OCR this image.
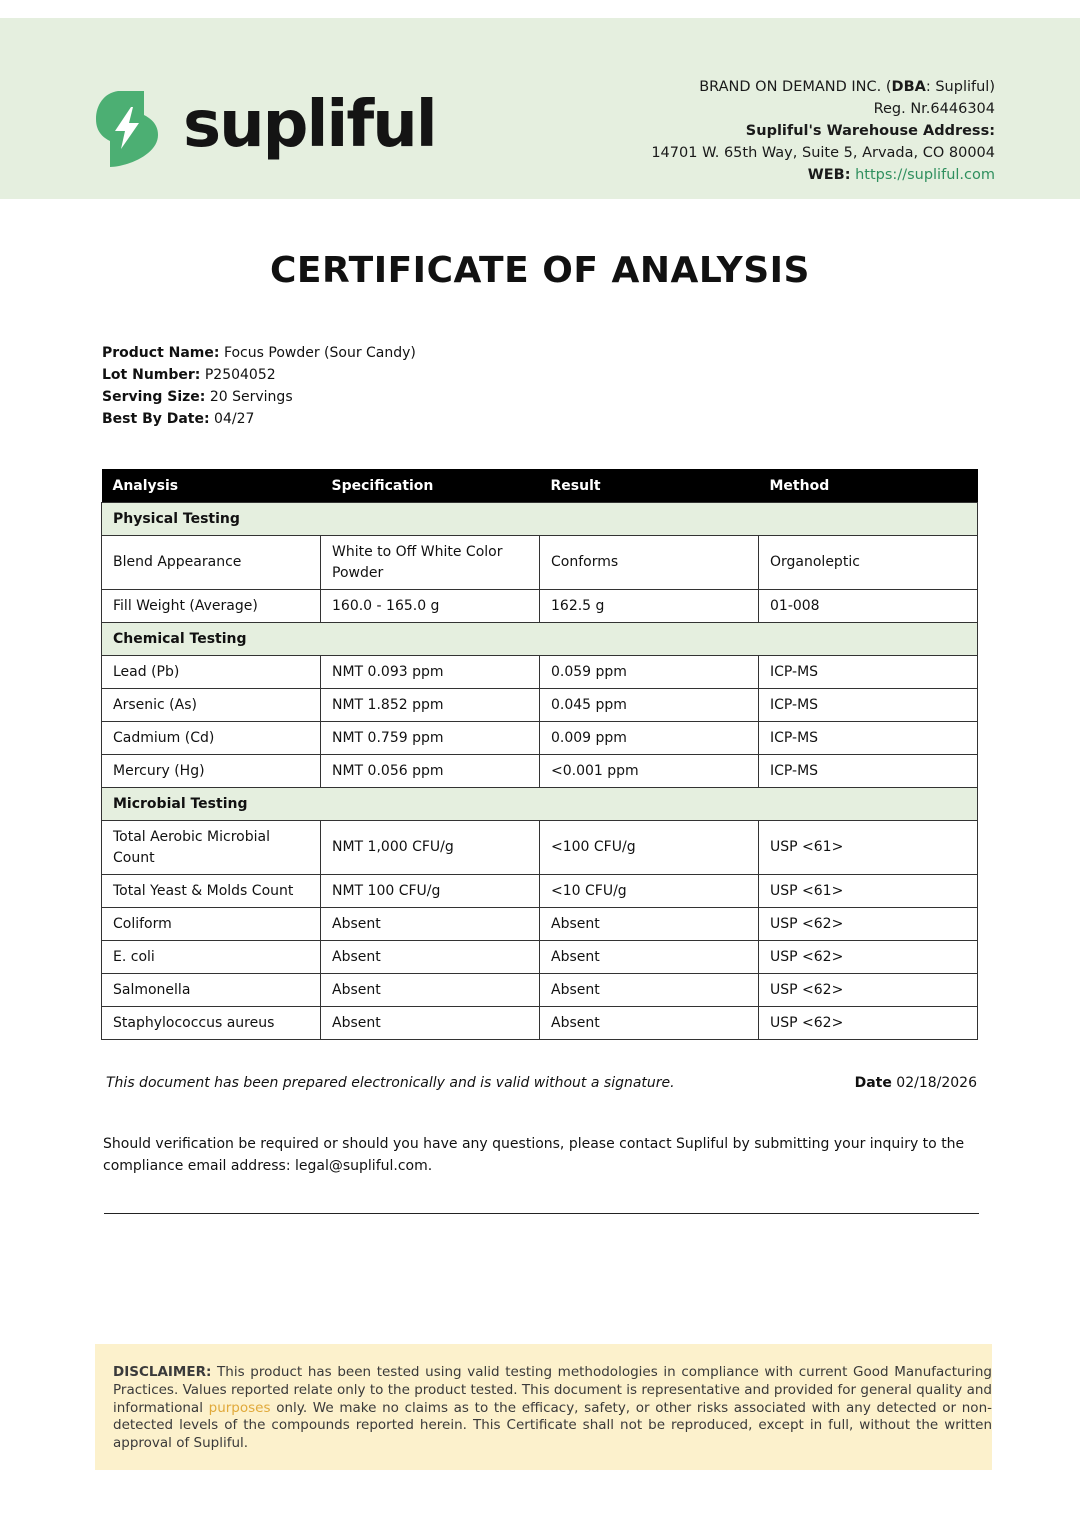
supliful
BRAND ON DEMAND INC. (DBA: Supliful)
Reg. Nr.6446304
Supliful's Warehouse Address:
14701 W. 65th Way, Suite 5, Arvada, CO 80004
WEB: https://supliful.com
CERTIFICATE OF ANALYSIS
Product Name: Focus Powder (Sour Candy)
Lot Number: P2504052
Serving Size: 20 Servings
Best By Date: 04/27
Analysis	Specification	Result	Method
Physical Testing			
Blend Appearance	White to Off White Color Powder	Conforms	Organoleptic
Fill Weight (Average)	160.0 - 165.0 g	162.5 g	01-008
Chemical Testing			
Lead (Pb)	NMT 0.093 ppm	0.059 ppm	ICP-MS
Arsenic (As)	NMT 1.852 ppm	0.045 ppm	ICP-MS
Cadmium (Cd)	NMT 0.759 ppm	0.009 ppm	ICP-MS
Mercury (Hg)	NMT 0.056 ppm	<0.001 ppm	ICP-MS
Microbial Testing			
Total Aerobic Microbial Count	NMT 1,000 CFU/g	<100 CFU/g	USP <61>
Total Yeast & Molds Count	NMT 100 CFU/g	<10 CFU/g	USP <61>
Coliform	Absent	Absent	USP <62>
E. coli	Absent	Absent	USP <62>
Salmonella	Absent	Absent	USP <62>
Staphylococcus aureus	Absent	Absent	USP <62>
This document has been prepared electronically and is valid without a signature.	Date 02/18/2026
Should verification be required or should you have any questions, please contact Supliful by submitting your inquiry to the compliance email address: legal@supliful.com.
DISCLAIMER: This product has been tested using valid testing methodologies in compliance with current Good Manufacturing Practices. Values reported relate only to the product tested. This document is representative and provided for general quality and informational purposes only. We make no claims as to the efficacy, safety, or other risks associated with any detected or non-detected levels of the compounds reported herein. This Certificate shall not be reproduced, except in full, without the written approval of Supliful.
